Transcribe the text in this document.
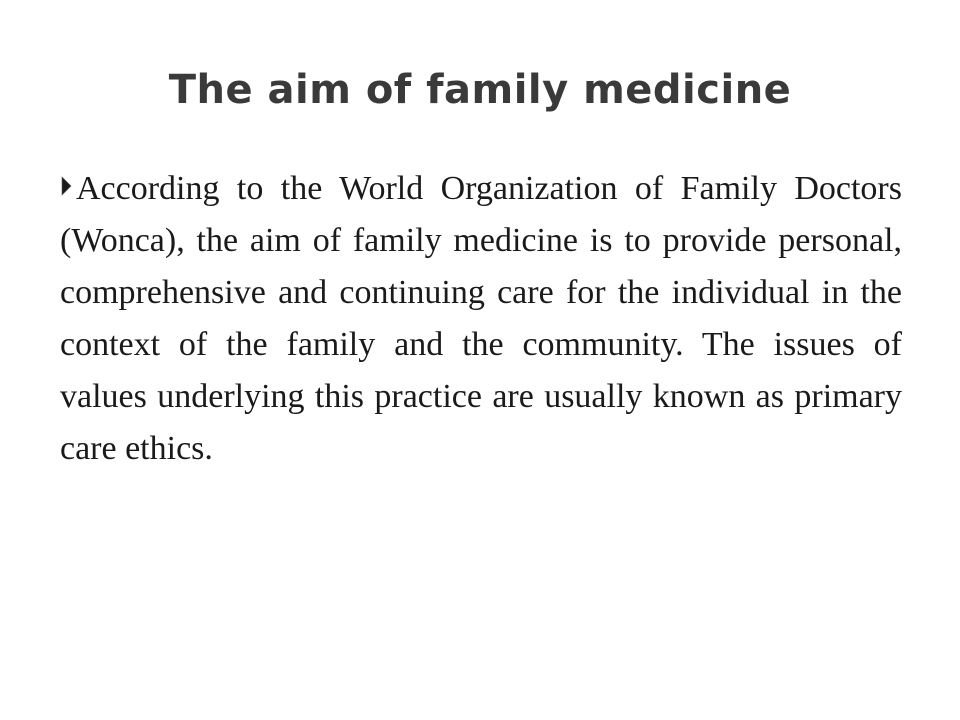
The aim of family medicine

According to the World Organization of Family Doctors (Wonca), the aim of family medicine is to provide personal, comprehensive and continuing care for the individual in the context of the family and the community. The issues of values underlying this practice are usually known as primary care ethics.
